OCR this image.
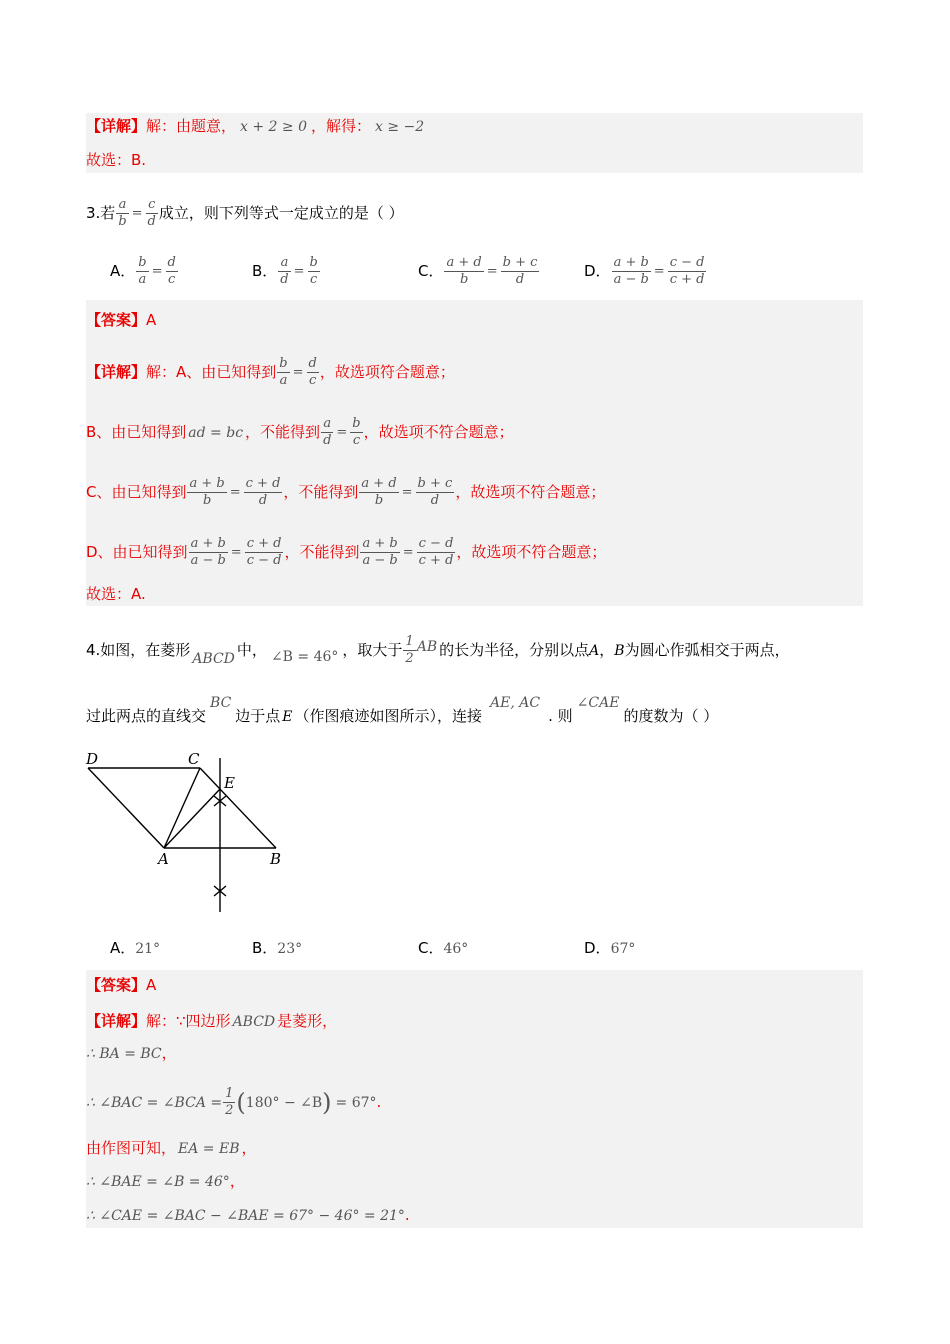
【详解】解：由题意， x + 2 ≥ 0 ，解得： x ≥ −2
故选：B.
3.若 $\frac{a}{b} = \frac{c}{d}$ 成立，则下列等式一定成立的是（ ）
A． $\frac{b}{a} = \frac{d}{c}$	B． $\frac{a}{d} = \frac{b}{c}$	C． $\frac{a + d}{b} = \frac{b + c}{d}$	D． $\frac{a + b}{a - b} = \frac{c - d}{c + d}$
【答案】A
【详解】解：A、由已知得到 $\frac{b}{a} = \frac{d}{c}$ ，故选项符合题意；
B、由已知得到 ad = bc ，不能得到 $\frac{a}{d} = \frac{b}{c}$ ，故选项不符合题意；
C、由已知得到 $\frac{a + b}{b} = \frac{c + d}{d}$ ，不能得到 $\frac{a + d}{b} = \frac{b + c}{d}$ ，故选项不符合题意；
D、由已知得到 $\frac{a + b}{a - b} = \frac{c + d}{c - d}$ ，不能得到 $\frac{a + b}{a - b} = \frac{c - d}{c + d}$ ，故选项不符合题意；
故选：A.
4.如图，在菱形 ABCD 中， ∠B = 46° ，取大于 $\frac{1}{2}$ AB 的长为半径，分别以点A，B为圆心作弧相交于两点，
过此两点的直线交BC边于点 E （作图痕迹如图所示），连接AE, AC. 则∠CAE的度数为（ ）
D	C
E
A	B
A．21°	B．23°	C．46°	D．67°
【答案】A
【详解】解：∵四边形 ABCD 是菱形，
∴ BA = BC，
∴ ∠BAC = ∠BCA = $\frac{1}{2} (180^\circ$ − ∠B) = 67°.
由作图可知， EA = EB ，
∴ ∠BAE = ∠B = 46°，
∴ ∠CAE = ∠BAC − ∠BAE = 67° − 46° = 21°.
